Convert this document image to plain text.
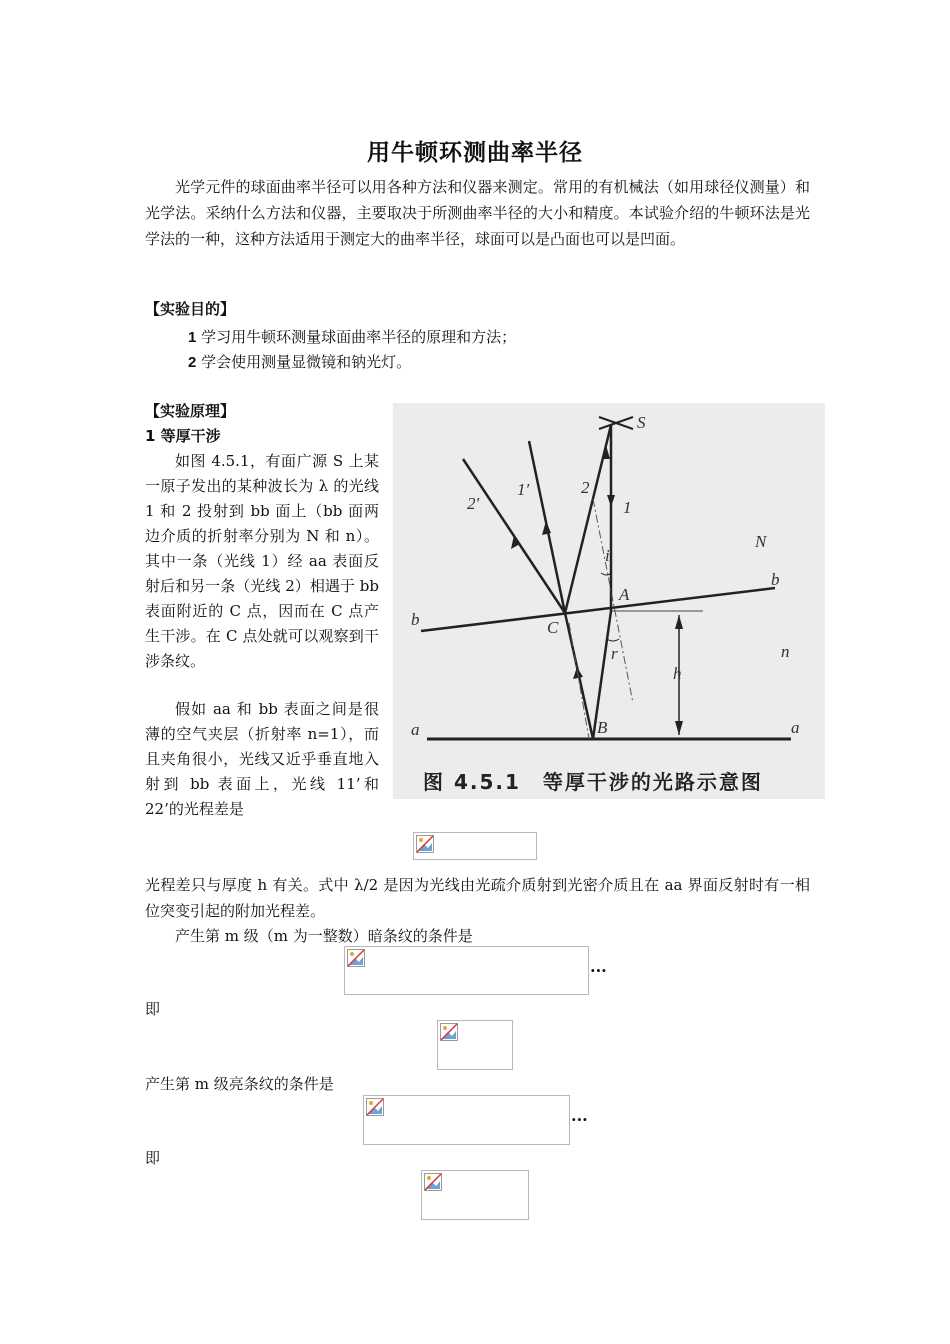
用牛顿环测曲率半径
光学元件的球面曲率半径可以用各种方法和仪器来测定。常用的有机械法（如用球径仪测量）和光学法。采纳什么方法和仪器，主要取决于所测曲率半径的大小和精度。本试验介绍的牛顿环法是光学法的一种，这种方法适用于测定大的曲率半径，球面可以是凸面也可以是凹面。
【实验目的】
1 学习用牛顿环测量球面曲率半径的原理和方法；
2 学会使用测量显微镜和钠光灯。
【实验原理】
1 等厚干涉
如图 4.5.1，有面广源 S 上某一原子发出的某种波长为 λ 的光线 1 和 2 投射到 bb 面上（bb 面两边介质的折射率分别为 N 和 n）。其中一条（光线 1）经 aa 表面反射后和另一条（光线 2）相遇于 bb 表面附近的 C 点，因而在 C 点产生干涉。在 C 点处就可以观察到干涉条纹。
假如 aa 和 bb 表面之间是很薄的空气夹层（折射率 n=1），而且夹角很小，光线又近乎垂直地入射到 bb 表面上，光线 11’和 22’的光程差是
S
N
n
b
b
a	a
A
B
C
h
i
r
1
2
1′
2′
图 4.5.1　等厚干涉的光路示意图
光程差只与厚度 h 有关。式中 λ/2 是因为光线由光疏介质射到光密介质且在 aa 界面反射时有一相位突变引起的附加光程差。
产生第 m 级（m 为一整数）暗条纹的条件是
...
即
产生第 m 级亮条纹的条件是
...
即
